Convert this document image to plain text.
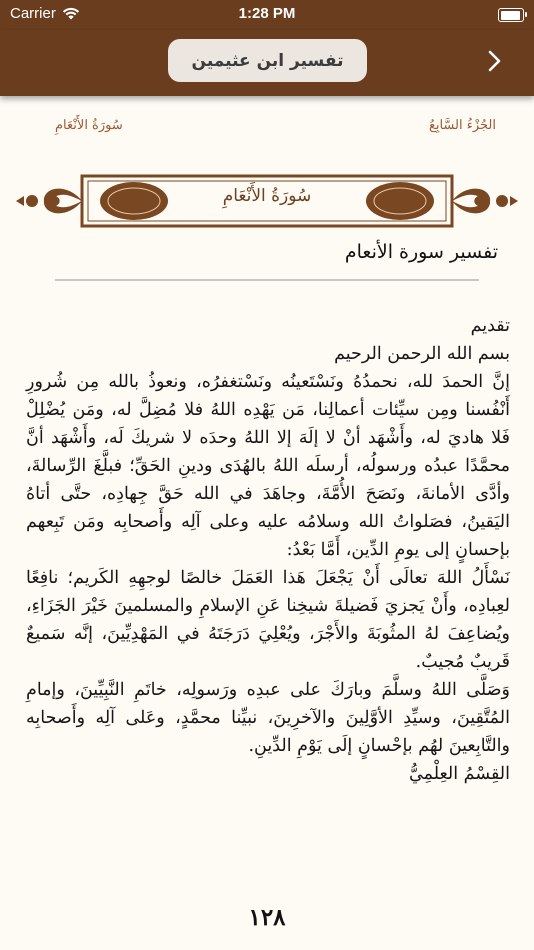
Carrier	1:28 PM
تفسير ابن عثيمين
سُورَةُ الأَنْعَامِ	الجُزْءُ السَّابِعُ
سُورَةُ الأَنْعَامِ
تفسير سورة الأنعام

تقديم

بسم الله الرحمن الرحيم

إنَّ الحمدَ لله، نحمدُهُ ونَسْتَعينُه ونَسْتغفرُه، ونعوذُ بالله مِن شُرورِ أَنْفُسنا ومِن سيِّئات أعمالِنا، مَن يَهْدِه اللهُ فلا مُضِلَّ له، ومَن يُضْلِلْ فَلا هاديَ له، وأَشْهَد أنْ لا إلَهَ إلا اللهُ وحدَه لا شريكَ لَه، وأَشْهَد أنَّ محمَّدًا عبدُه ورسولُه، أرسلَه اللهُ بالهُدَى ودينِ الحَقِّ؛ فبلَّغَ الرِّسالةَ، وأدَّى الأمانةَ، ونَصَحَ الأُمَّةَ، وجاهَدَ في الله حَقَّ جِهادِه، حتَّى أتاهُ اليَقينُ، فصَلواتُ الله وسلامُه عليه وعلى آلِه وأَصحابِه ومَن تَبِعهم بإحسانٍ إلى يومِ الدِّين، أَمَّا بَعْدُ:

نَسْأَلُ اللهَ تعالَى أَنْ يَجْعَلَ هَذا العَمَلَ خالصًا لوجهِهِ الكَريم؛ نافِعًا لعِبادِه، وأَنْ يَجزيَ فَضيلةَ شيخِنا عَنِ الإسلامِ والمسلمينَ خَيْرَ الجَزَاءِ، ويُضاعِفَ لهُ المثُوبَةَ والأَجْرَ، ويُعْلِيَ دَرَجَتَهُ في المَهْدِيِّينَ، إنَّه سَميعٌ قَريبٌ مُجيبٌ.

وَصَلَّى اللهُ وسلَّمَ وبارَكَ على عبدِه ورَسولِه، خاتَمِ النَّبِيِّينَ، وإمامِ المُتَّقِينَ، وسيِّدِ الأوَّلِينَ والآخرِينَ، نبيِّنا محمَّدٍ، وعَلى آلِه وأَصحابِه والتَّابِعينَ لهُم بإحْسانٍ إلَى يَوْمِ الدِّينِ.

القِسْمُ العِلْمِيُّ

١٢٨
